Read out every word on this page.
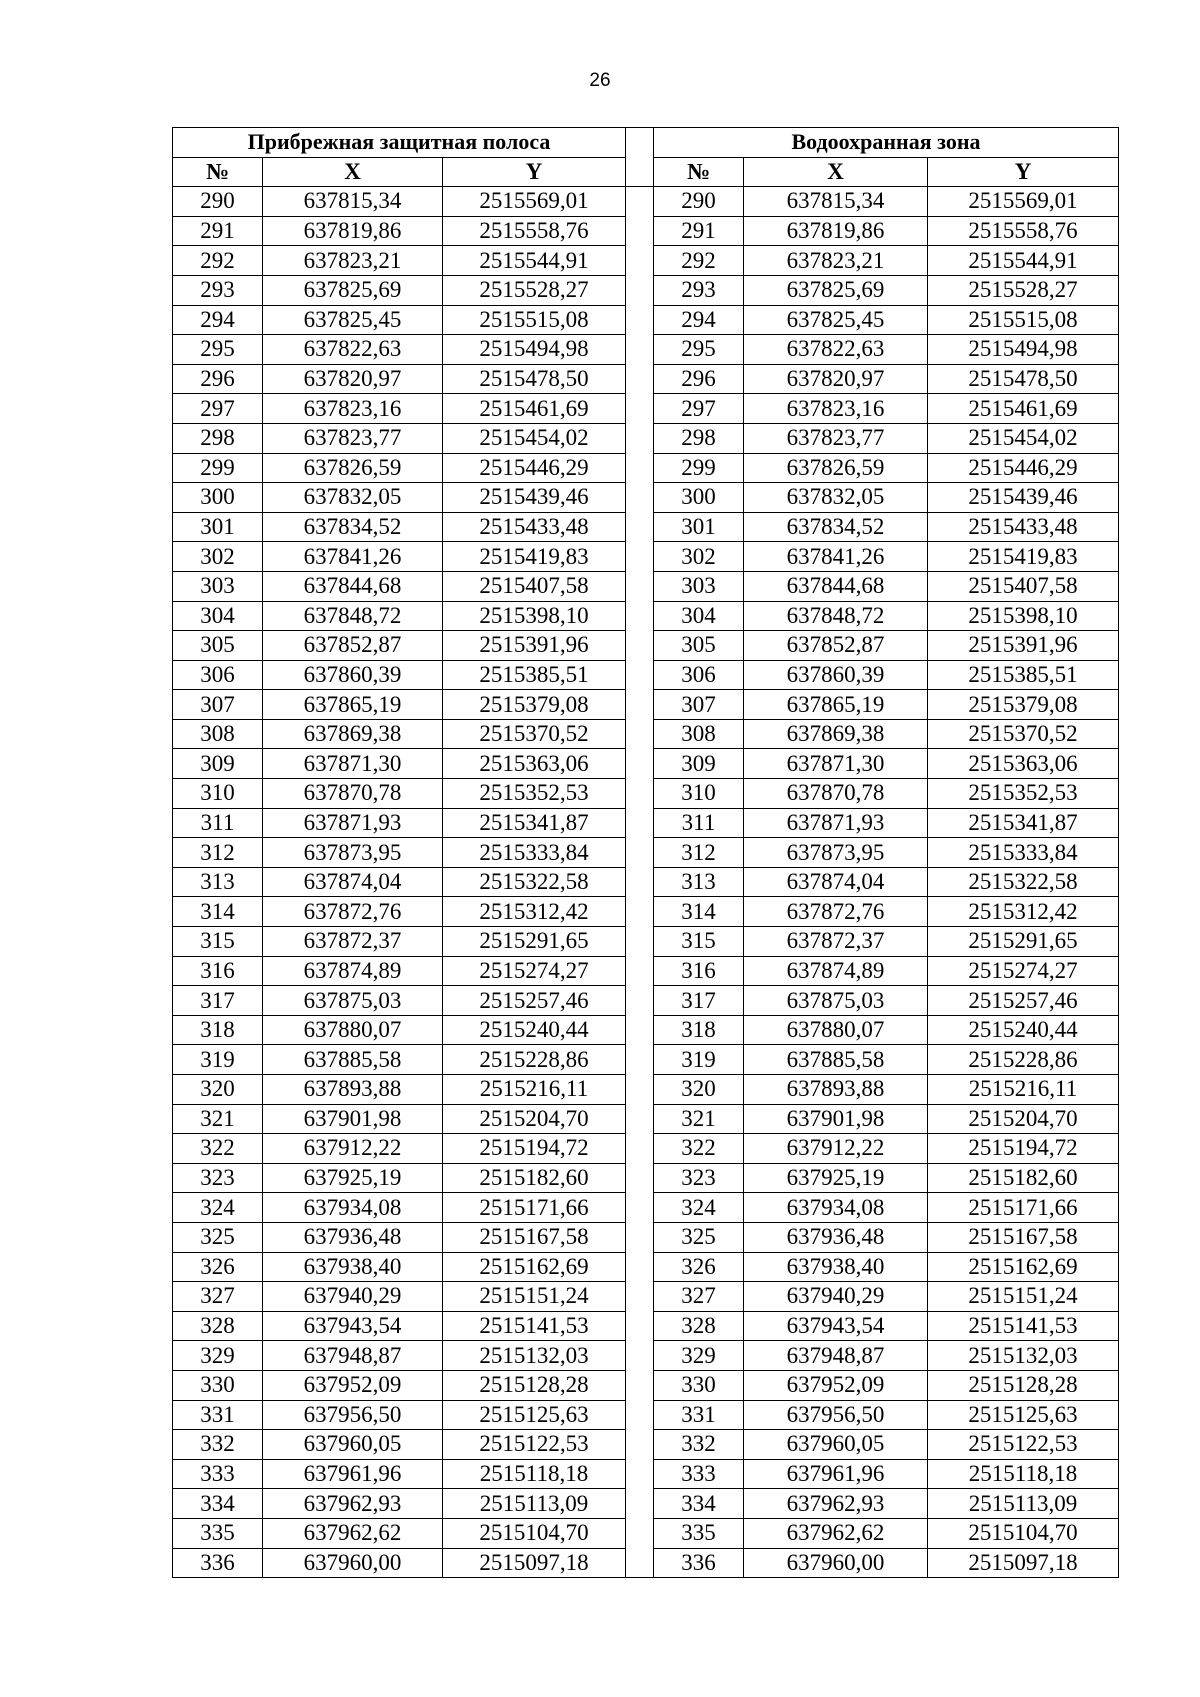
26
Прибрежная защитная полоса				Водоохранная зона		
№	X	Y		№	X	Y
290	637815,34	2515569,01		290	637815,34	2515569,01
291	637819,86	2515558,76		291	637819,86	2515558,76
292	637823,21	2515544,91		292	637823,21	2515544,91
293	637825,69	2515528,27		293	637825,69	2515528,27
294	637825,45	2515515,08		294	637825,45	2515515,08
295	637822,63	2515494,98		295	637822,63	2515494,98
296	637820,97	2515478,50		296	637820,97	2515478,50
297	637823,16	2515461,69		297	637823,16	2515461,69
298	637823,77	2515454,02		298	637823,77	2515454,02
299	637826,59	2515446,29		299	637826,59	2515446,29
300	637832,05	2515439,46		300	637832,05	2515439,46
301	637834,52	2515433,48		301	637834,52	2515433,48
302	637841,26	2515419,83		302	637841,26	2515419,83
303	637844,68	2515407,58		303	637844,68	2515407,58
304	637848,72	2515398,10		304	637848,72	2515398,10
305	637852,87	2515391,96		305	637852,87	2515391,96
306	637860,39	2515385,51		306	637860,39	2515385,51
307	637865,19	2515379,08		307	637865,19	2515379,08
308	637869,38	2515370,52		308	637869,38	2515370,52
309	637871,30	2515363,06		309	637871,30	2515363,06
310	637870,78	2515352,53		310	637870,78	2515352,53
311	637871,93	2515341,87		311	637871,93	2515341,87
312	637873,95	2515333,84		312	637873,95	2515333,84
313	637874,04	2515322,58		313	637874,04	2515322,58
314	637872,76	2515312,42		314	637872,76	2515312,42
315	637872,37	2515291,65		315	637872,37	2515291,65
316	637874,89	2515274,27		316	637874,89	2515274,27
317	637875,03	2515257,46		317	637875,03	2515257,46
318	637880,07	2515240,44		318	637880,07	2515240,44
319	637885,58	2515228,86		319	637885,58	2515228,86
320	637893,88	2515216,11		320	637893,88	2515216,11
321	637901,98	2515204,70		321	637901,98	2515204,70
322	637912,22	2515194,72		322	637912,22	2515194,72
323	637925,19	2515182,60		323	637925,19	2515182,60
324	637934,08	2515171,66		324	637934,08	2515171,66
325	637936,48	2515167,58		325	637936,48	2515167,58
326	637938,40	2515162,69		326	637938,40	2515162,69
327	637940,29	2515151,24		327	637940,29	2515151,24
328	637943,54	2515141,53		328	637943,54	2515141,53
329	637948,87	2515132,03		329	637948,87	2515132,03
330	637952,09	2515128,28		330	637952,09	2515128,28
331	637956,50	2515125,63		331	637956,50	2515125,63
332	637960,05	2515122,53		332	637960,05	2515122,53
333	637961,96	2515118,18		333	637961,96	2515118,18
334	637962,93	2515113,09		334	637962,93	2515113,09
335	637962,62	2515104,70		335	637962,62	2515104,70
336	637960,00	2515097,18		336	637960,00	2515097,18
